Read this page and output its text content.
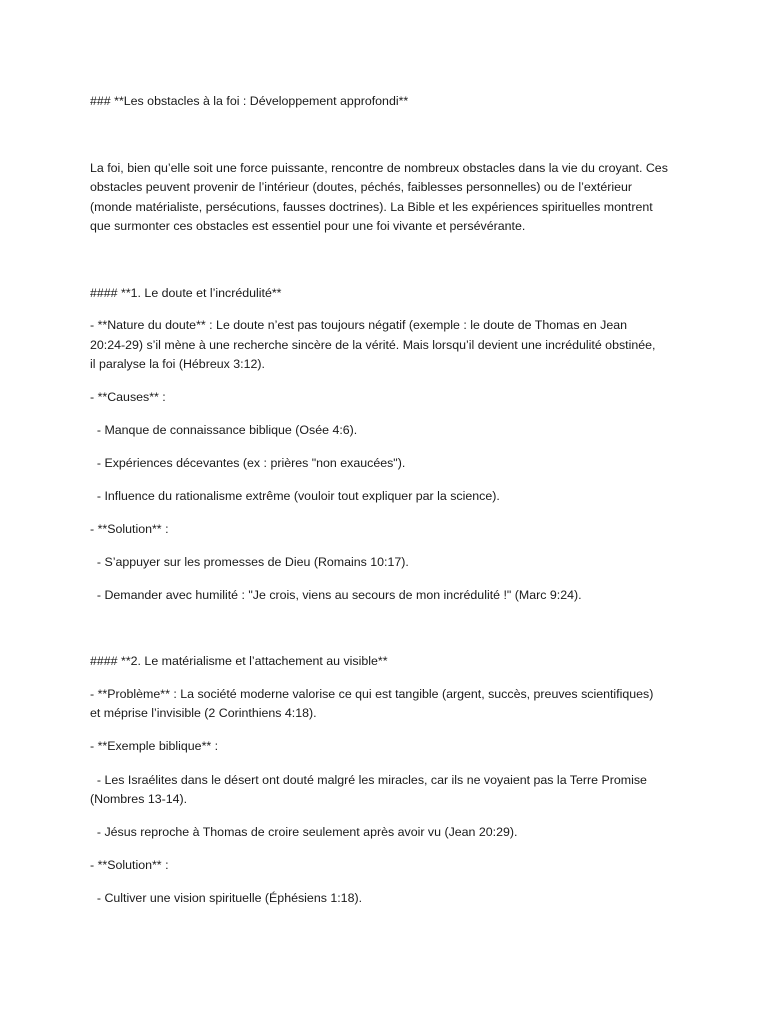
### **Les obstacles à la foi : Développement approfondi**
La foi, bien qu’elle soit une force puissante, rencontre de nombreux obstacles dans la vie du croyant. Ces
obstacles peuvent provenir de l’intérieur (doutes, péchés, faiblesses personnelles) ou de l’extérieur
(monde matérialiste, persécutions, fausses doctrines). La Bible et les expériences spirituelles montrent
que surmonter ces obstacles est essentiel pour une foi vivante et persévérante.
#### **1. Le doute et l’incrédulité**
- **Nature du doute** : Le doute n’est pas toujours négatif (exemple : le doute de Thomas en Jean
20:24-29) s’il mène à une recherche sincère de la vérité. Mais lorsqu’il devient une incrédulité obstinée,
il paralyse la foi (Hébreux 3:12).
- **Causes** :
- Manque de connaissance biblique (Osée 4:6).
- Expériences décevantes (ex : prières "non exaucées").
- Influence du rationalisme extrême (vouloir tout expliquer par la science).
- **Solution** :
- S’appuyer sur les promesses de Dieu (Romains 10:17).
- Demander avec humilité : "Je crois, viens au secours de mon incrédulité !" (Marc 9:24).
#### **2. Le matérialisme et l’attachement au visible**
- **Problème** : La société moderne valorise ce qui est tangible (argent, succès, preuves scientifiques)
et méprise l’invisible (2 Corinthiens 4:18).
- **Exemple biblique** :
- Les Israélites dans le désert ont douté malgré les miracles, car ils ne voyaient pas la Terre Promise
(Nombres 13-14).
- Jésus reproche à Thomas de croire seulement après avoir vu (Jean 20:29).
- **Solution** :
- Cultiver une vision spirituelle (Éphésiens 1:18).
